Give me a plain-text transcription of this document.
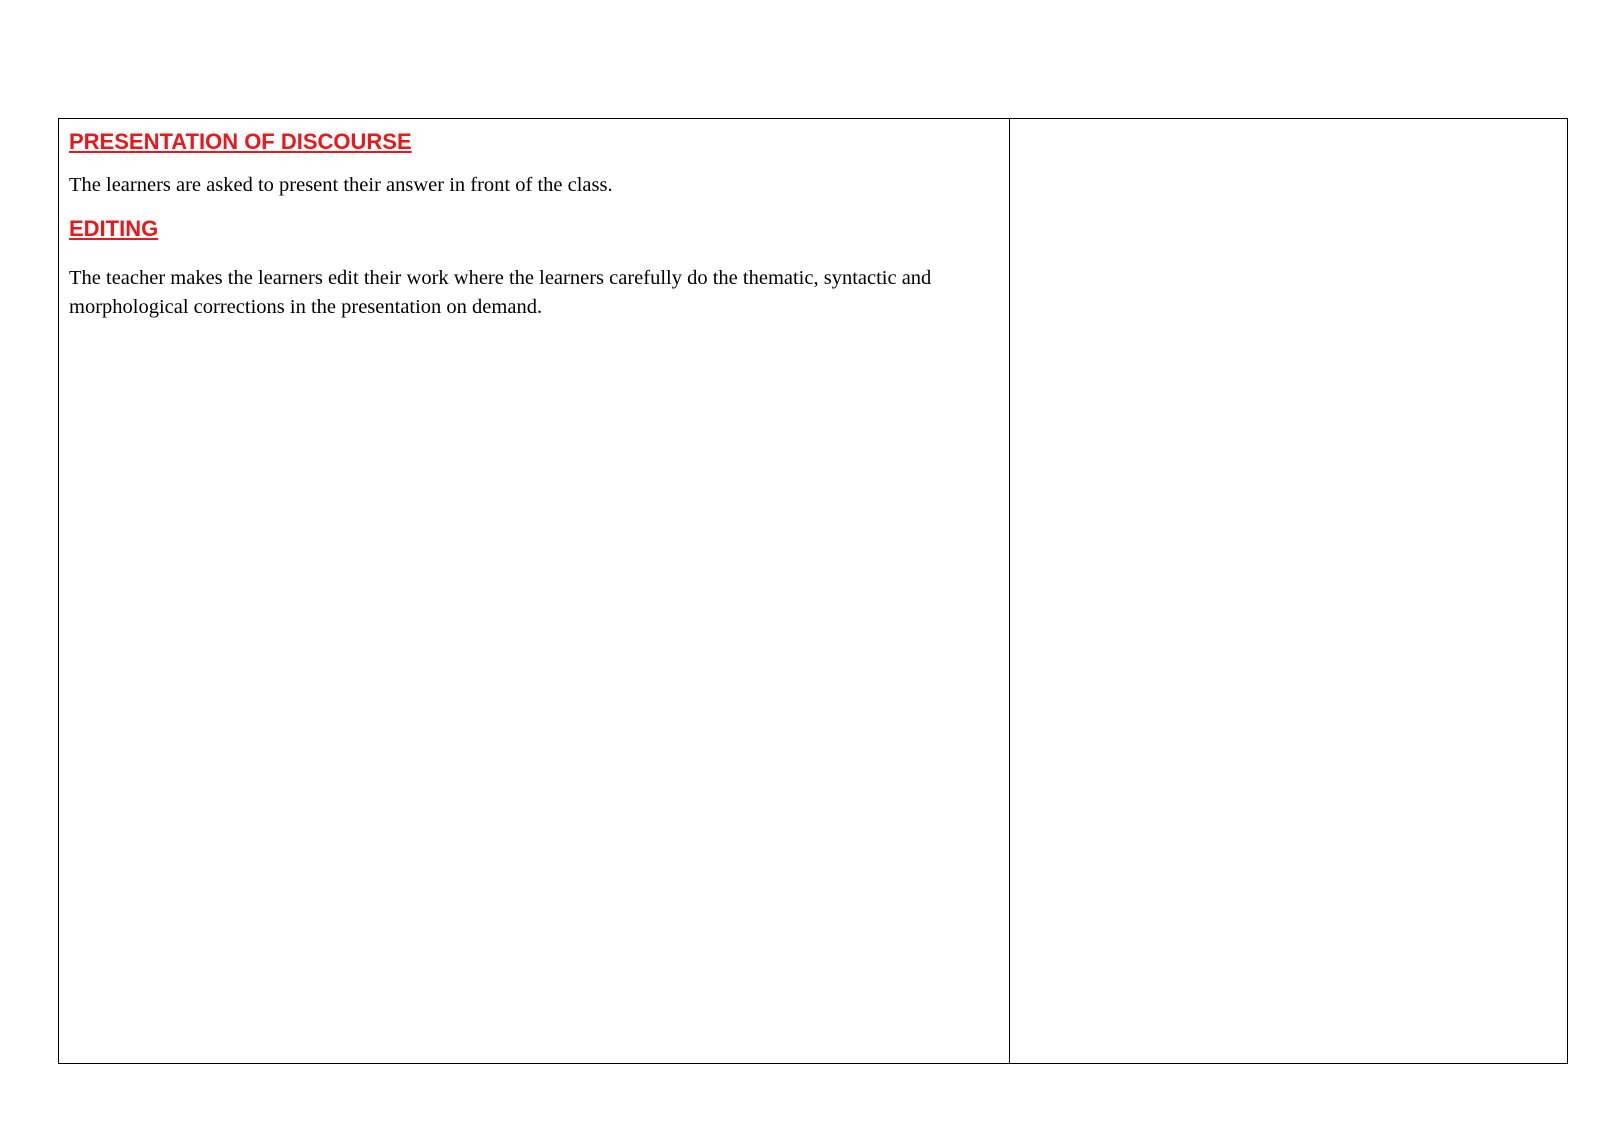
PRESENTATION OF DISCOURSE

The learners are asked to present their answer in front of the class.

EDITING

The teacher makes the learners edit their work where the learners carefully do the thematic, syntactic and morphological corrections in the presentation on demand.
